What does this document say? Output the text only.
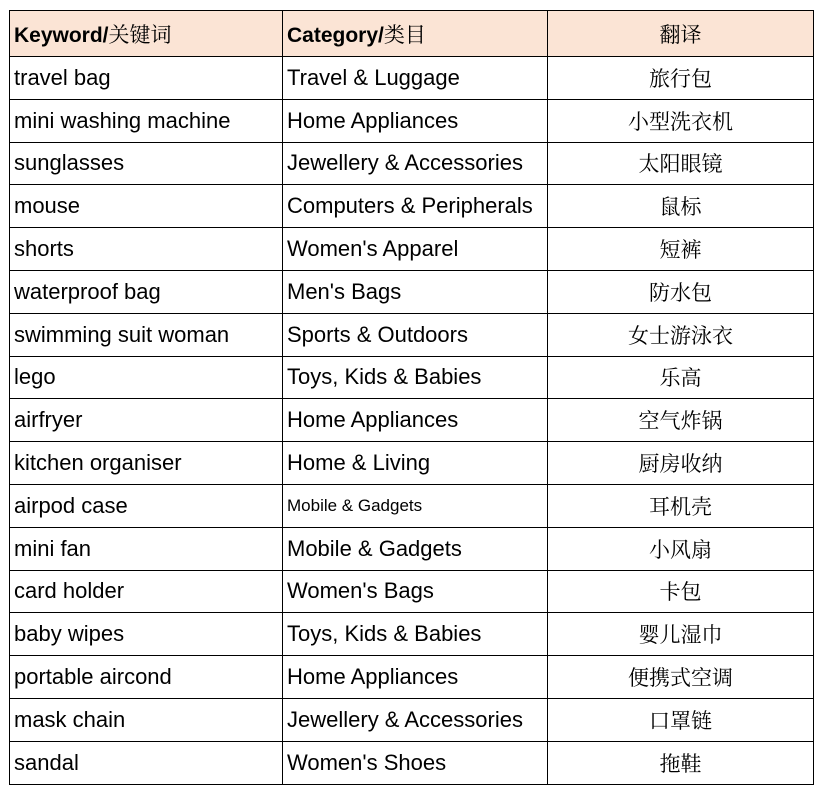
Keyword/关键词	Category/类目	翻译
travel bag	Travel & Luggage	旅行包
mini washing machine	Home Appliances	小型洗衣机
sunglasses	Jewellery & Accessories	太阳眼镜
mouse	Computers & Peripherals	鼠标
shorts	Women's Apparel	短裤
waterproof bag	Men's Bags	防水包
swimming suit woman	Sports & Outdoors	女士游泳衣
lego	Toys, Kids & Babies	乐高
airfryer	Home Appliances	空气炸锅
kitchen organiser	Home & Living	厨房收纳
airpod case	Mobile & Gadgets	耳机壳
mini fan	Mobile & Gadgets	小风扇
card holder	Women's Bags	卡包
baby wipes	Toys, Kids & Babies	婴儿湿巾
portable aircond	Home Appliances	便携式空调
mask chain	Jewellery & Accessories	口罩链
sandal	Women's Shoes	拖鞋
